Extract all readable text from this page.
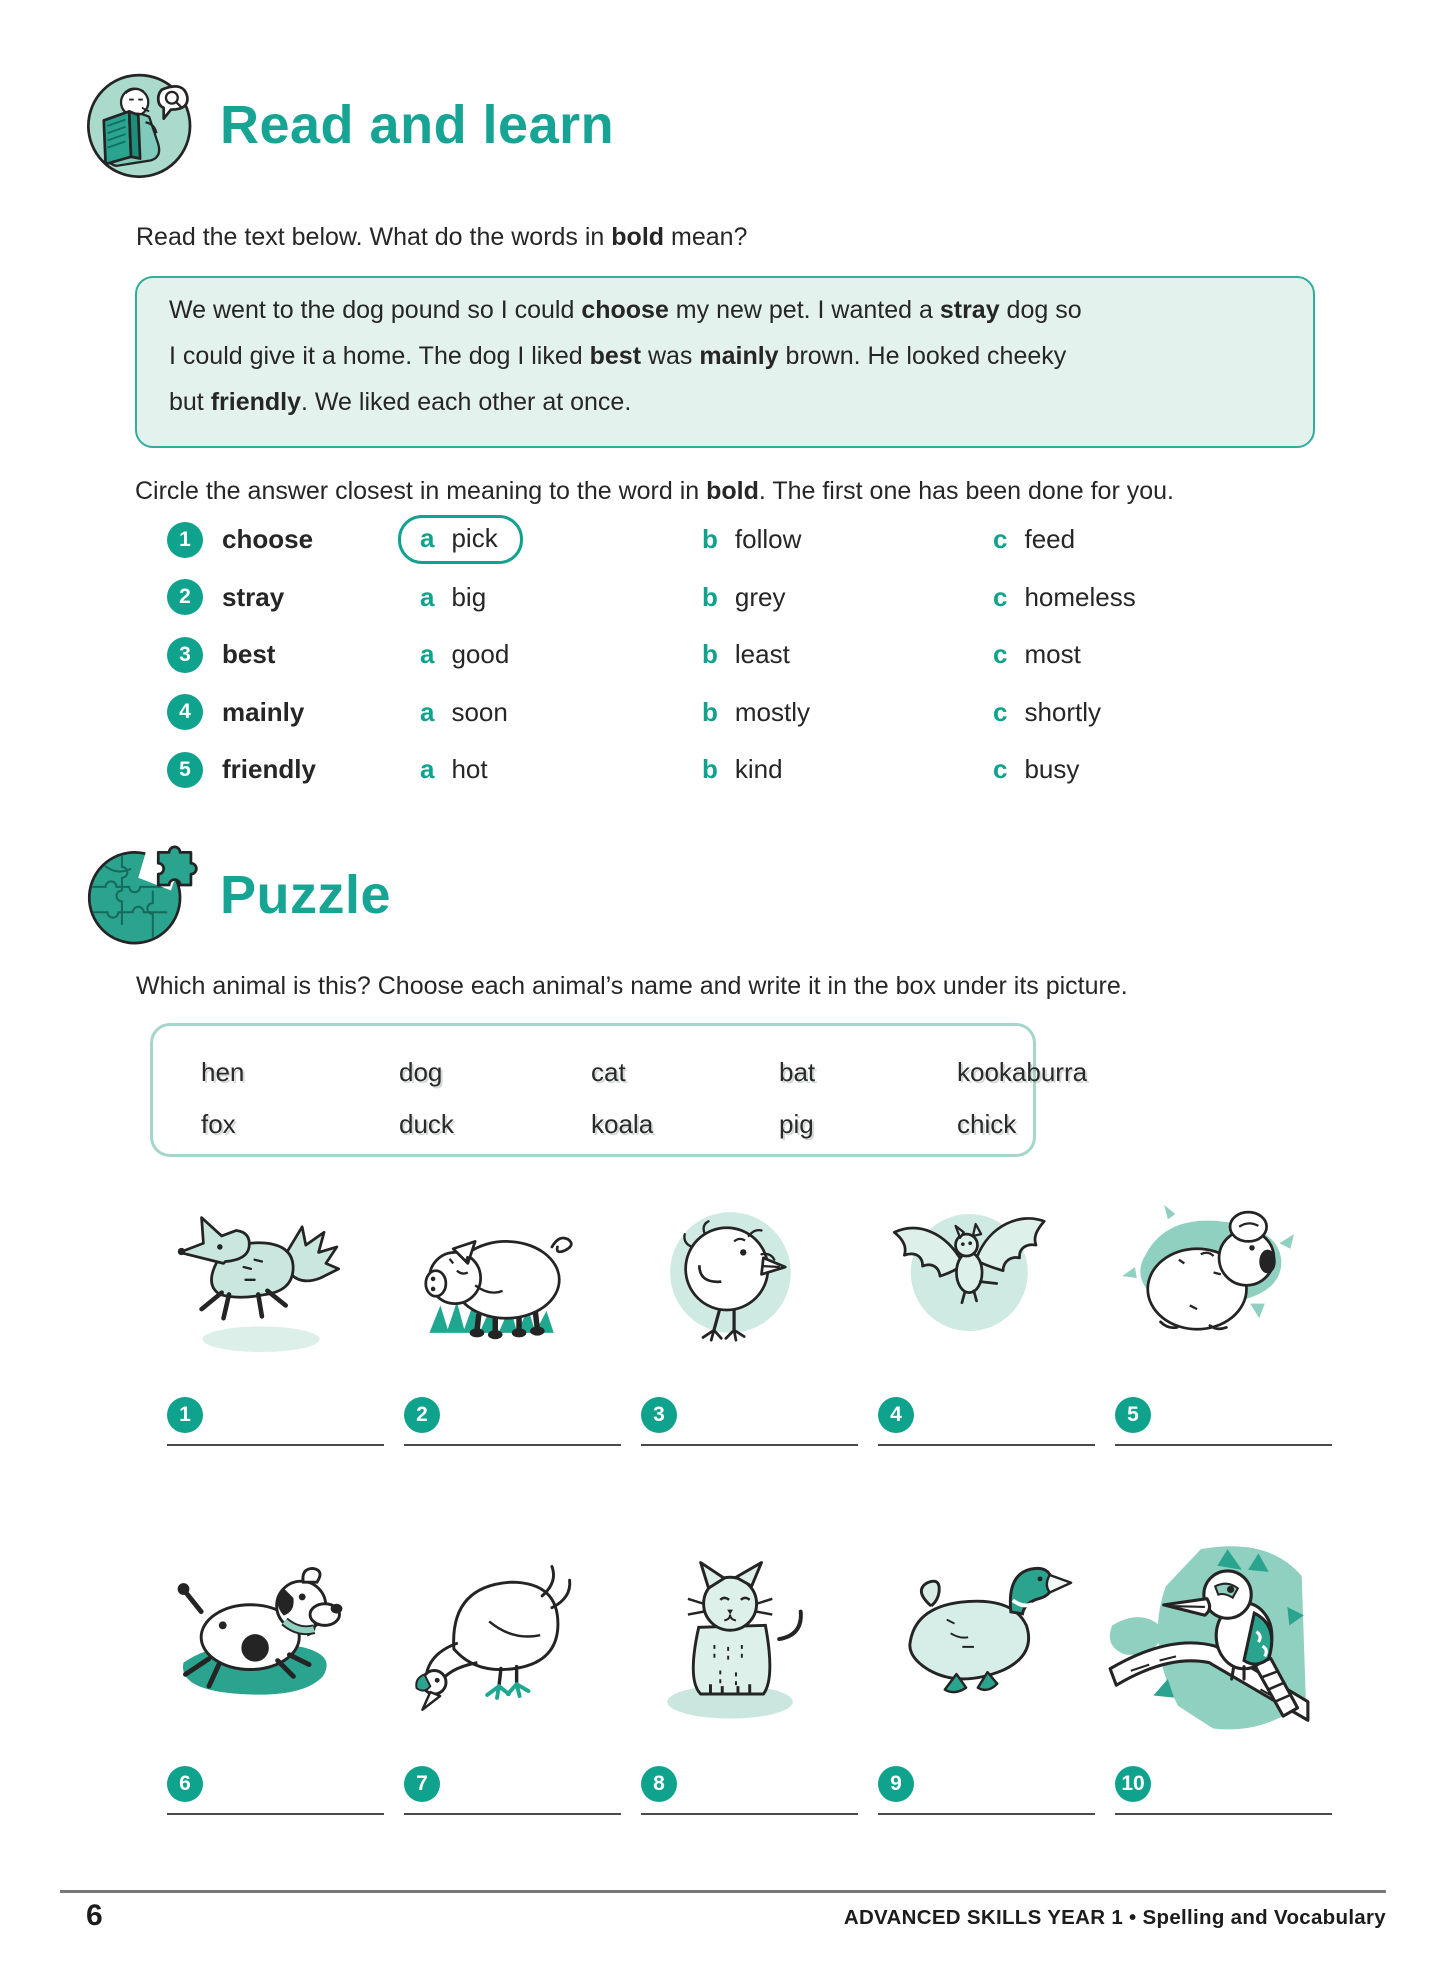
Read and learn

Read the text below. What do the words in bold mean?

We went to the dog pound so I could choose my new pet. I wanted a stray dog so
I could give it a home. The dog I liked best was mainly brown. He looked cheeky
but friendly. We liked each other at once.

Circle the answer closest in meaning to the word in bold. The first one has been done for you.

1	choose	a pick	b follow	c feed
2	stray	a big	b grey	c homeless
3	best	a good	b least	c most
4	mainly	a soon	b mostly	c shortly
5	friendly	a hot	b kind	c busy
Puzzle

Which animal is this? Choose each animal’s name and write it in the box under its picture.

hen	dog	cat	bat	kookaburra
fox	duck	koala	pig	chick
1	2	3	4	5
6	7	8	9	10
6	ADVANCED SKILLS YEAR 1 • Spelling and Vocabulary
